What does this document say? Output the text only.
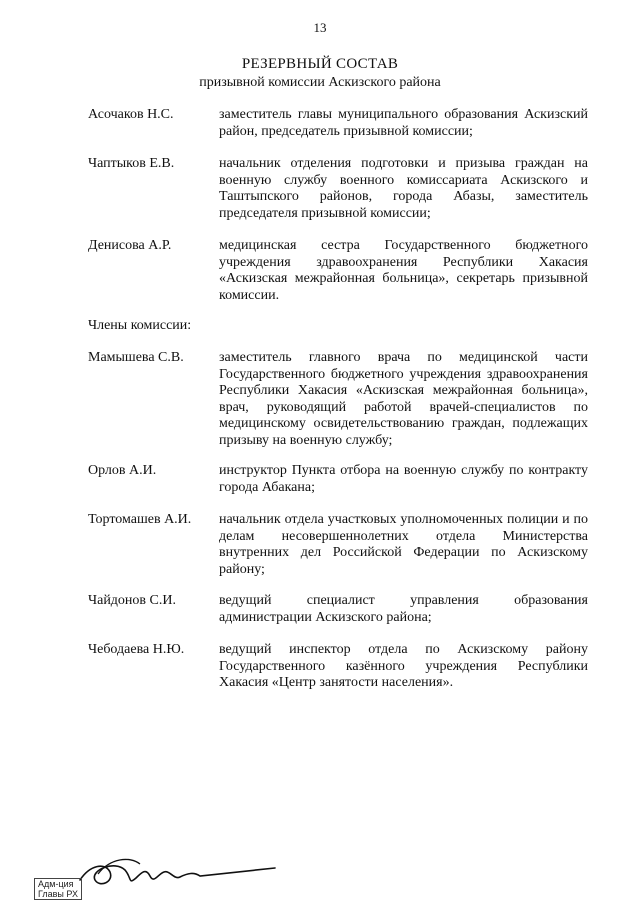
13
РЕЗЕРВНЫЙ СОСТАВ
призывной комиссии Аскизского района
Асочаков Н.С.	заместитель главы муниципального образования Аскизский район, председатель призывной комиссии;
Чаптыков Е.В.	начальник отделения подготовки и призыва граждан на военную службу военного комиссариата Аскизского и Таштыпского районов, города Абазы, заместитель председателя призывной комиссии;
Денисова А.Р.	медицинская сестра Государственного бюджетного учреждения здравоохранения Республики Хакасия «Аскизская межрайонная больница», секретарь призывной комиссии.
Члены комиссии:
Мамышева С.В.	заместитель главного врача по медицинской части Государственного бюджетного учреждения здравоохранения Республики Хакасия «Аскизская межрайонная больница», врач, руководящий работой врачей-специалистов по медицинскому освидетельствованию граждан, подлежащих призыву на военную службу;
Орлов А.И.	инструктор Пункта отбора на военную службу по контракту города Абакана;
Тортомашев А.И. начальник отдела участковых уполномоченных полиции и по делам несовершеннолетних отдела Министерства внутренних дел Российской Федерации по Аскизскому району;
Чайдонов С.И.	ведущий специалист управления образования администрации Аскизского района;
Чебодаева Н.Ю. ведущий инспектор отдела по Аскизскому району Государственного казённого учреждения Республики Хакасия «Центр занятости населения».
Адм-ция
Главы РХ
